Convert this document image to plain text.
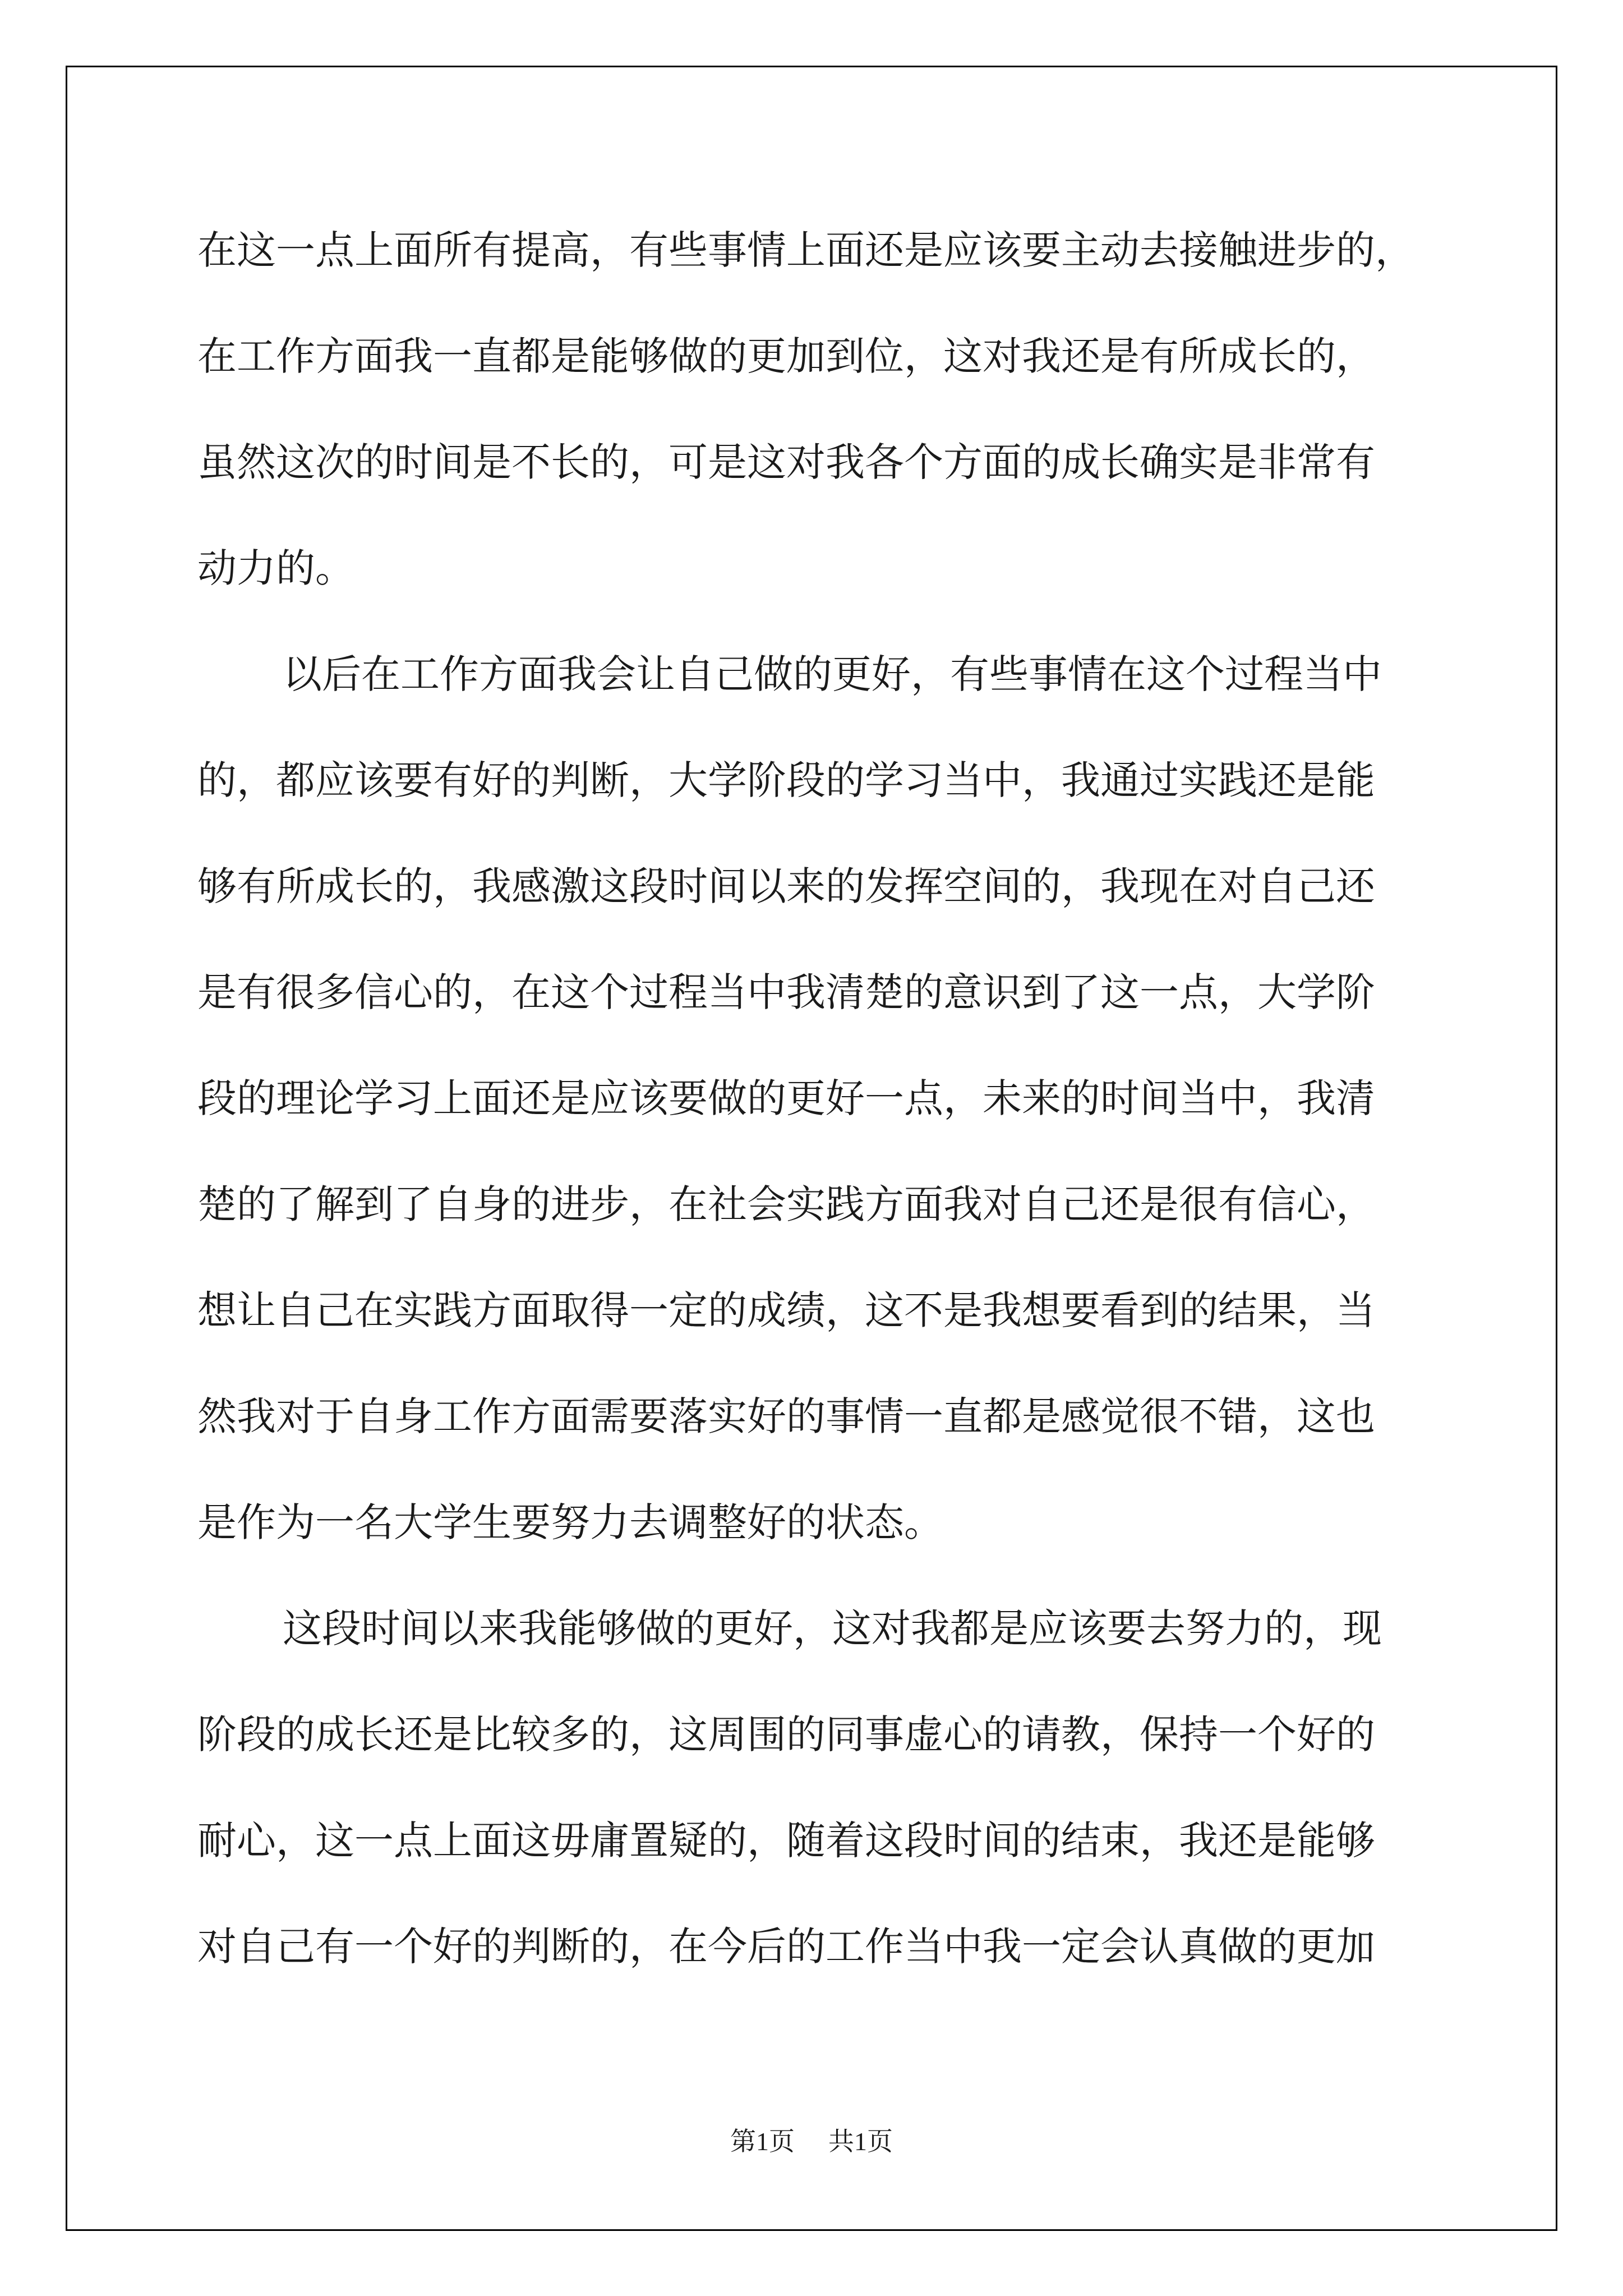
在这一点上面所有提高，有些事情上面还是应该要主动去接触进步的，
在工作方面我一直都是能够做的更加到位，这对我还是有所成长的，
虽然这次的时间是不长的，可是这对我各个方面的成长确实是非常有
动力的。
以后在工作方面我会让自己做的更好，有些事情在这个过程当中
的，都应该要有好的判断，大学阶段的学习当中，我通过实践还是能
够有所成长的，我感激这段时间以来的发挥空间的，我现在对自己还
是有很多信心的，在这个过程当中我清楚的意识到了这一点，大学阶
段的理论学习上面还是应该要做的更好一点，未来的时间当中，我清
楚的了解到了自身的进步，在社会实践方面我对自己还是很有信心，
想让自己在实践方面取得一定的成绩，这不是我想要看到的结果，当
然我对于自身工作方面需要落实好的事情一直都是感觉很不错，这也
是作为一名大学生要努力去调整好的状态。
这段时间以来我能够做的更好，这对我都是应该要去努力的，现
阶段的成长还是比较多的，这周围的同事虚心的请教，保持一个好的
耐心，这一点上面这毋庸置疑的，随着这段时间的结束，我还是能够
对自己有一个好的判断的，在今后的工作当中我一定会认真做的更加
第1页 共1页
